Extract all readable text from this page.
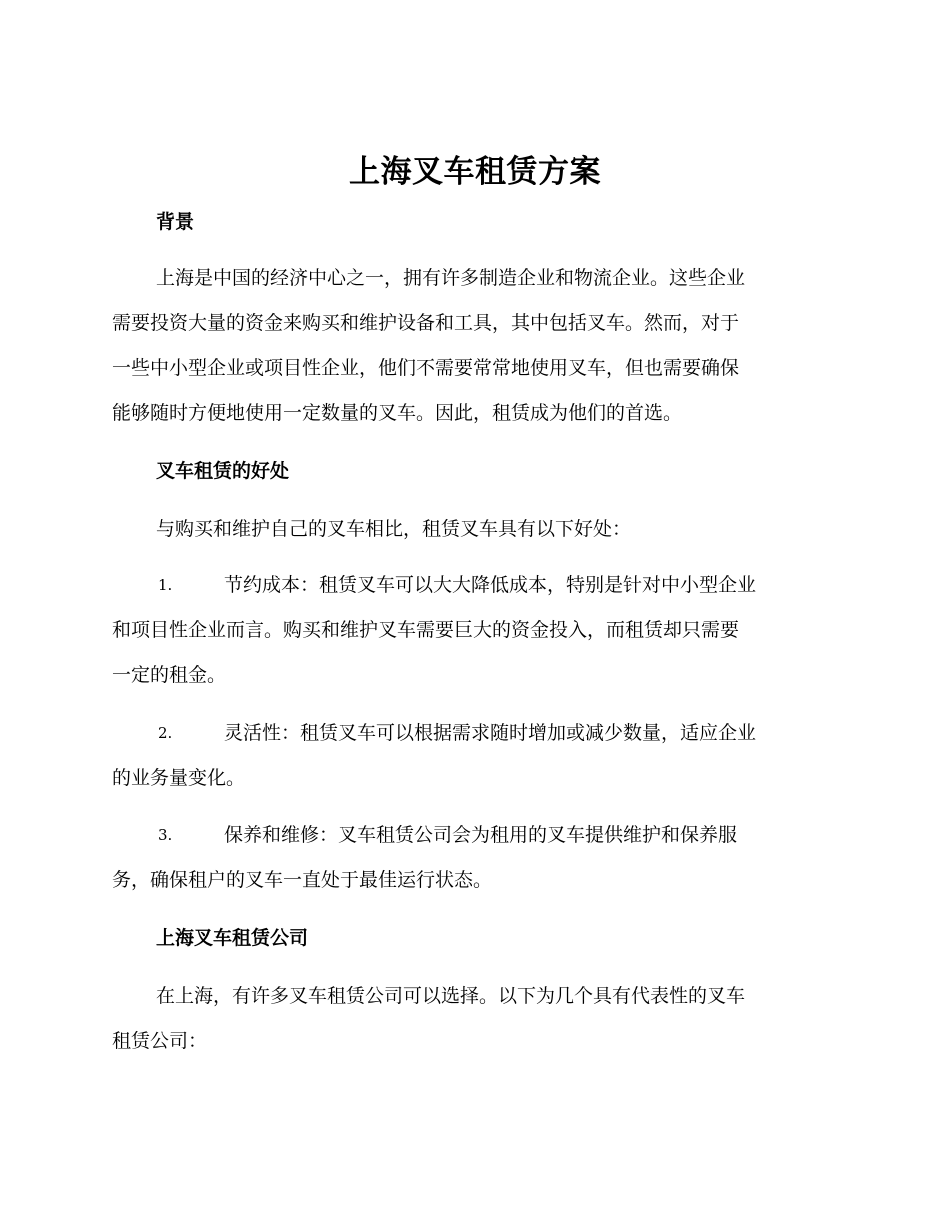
上海叉车租赁方案
背景
上海是中国的经济中心之一，拥有许多制造企业和物流企业。这些企业
需要投资大量的资金来购买和维护设备和工具，其中包括叉车。然而，对于
一些中小型企业或项目性企业，他们不需要常常地使用叉车，但也需要确保
能够随时方便地使用一定数量的叉车。因此，租赁成为他们的首选。
叉车租赁的好处
与购买和维护自己的叉车相比，租赁叉车具有以下好处：
1.	节约成本：租赁叉车可以大大降低成本，特别是针对中小型企业
和项目性企业而言。购买和维护叉车需要巨大的资金投入，而租赁却只需要
一定的租金。
2.	灵活性：租赁叉车可以根据需求随时增加或减少数量，适应企业
的业务量变化。
3.	保养和维修：叉车租赁公司会为租用的叉车提供维护和保养服
务，确保租户的叉车一直处于最佳运行状态。
上海叉车租赁公司
在上海，有许多叉车租赁公司可以选择。以下为几个具有代表性的叉车
租赁公司：
